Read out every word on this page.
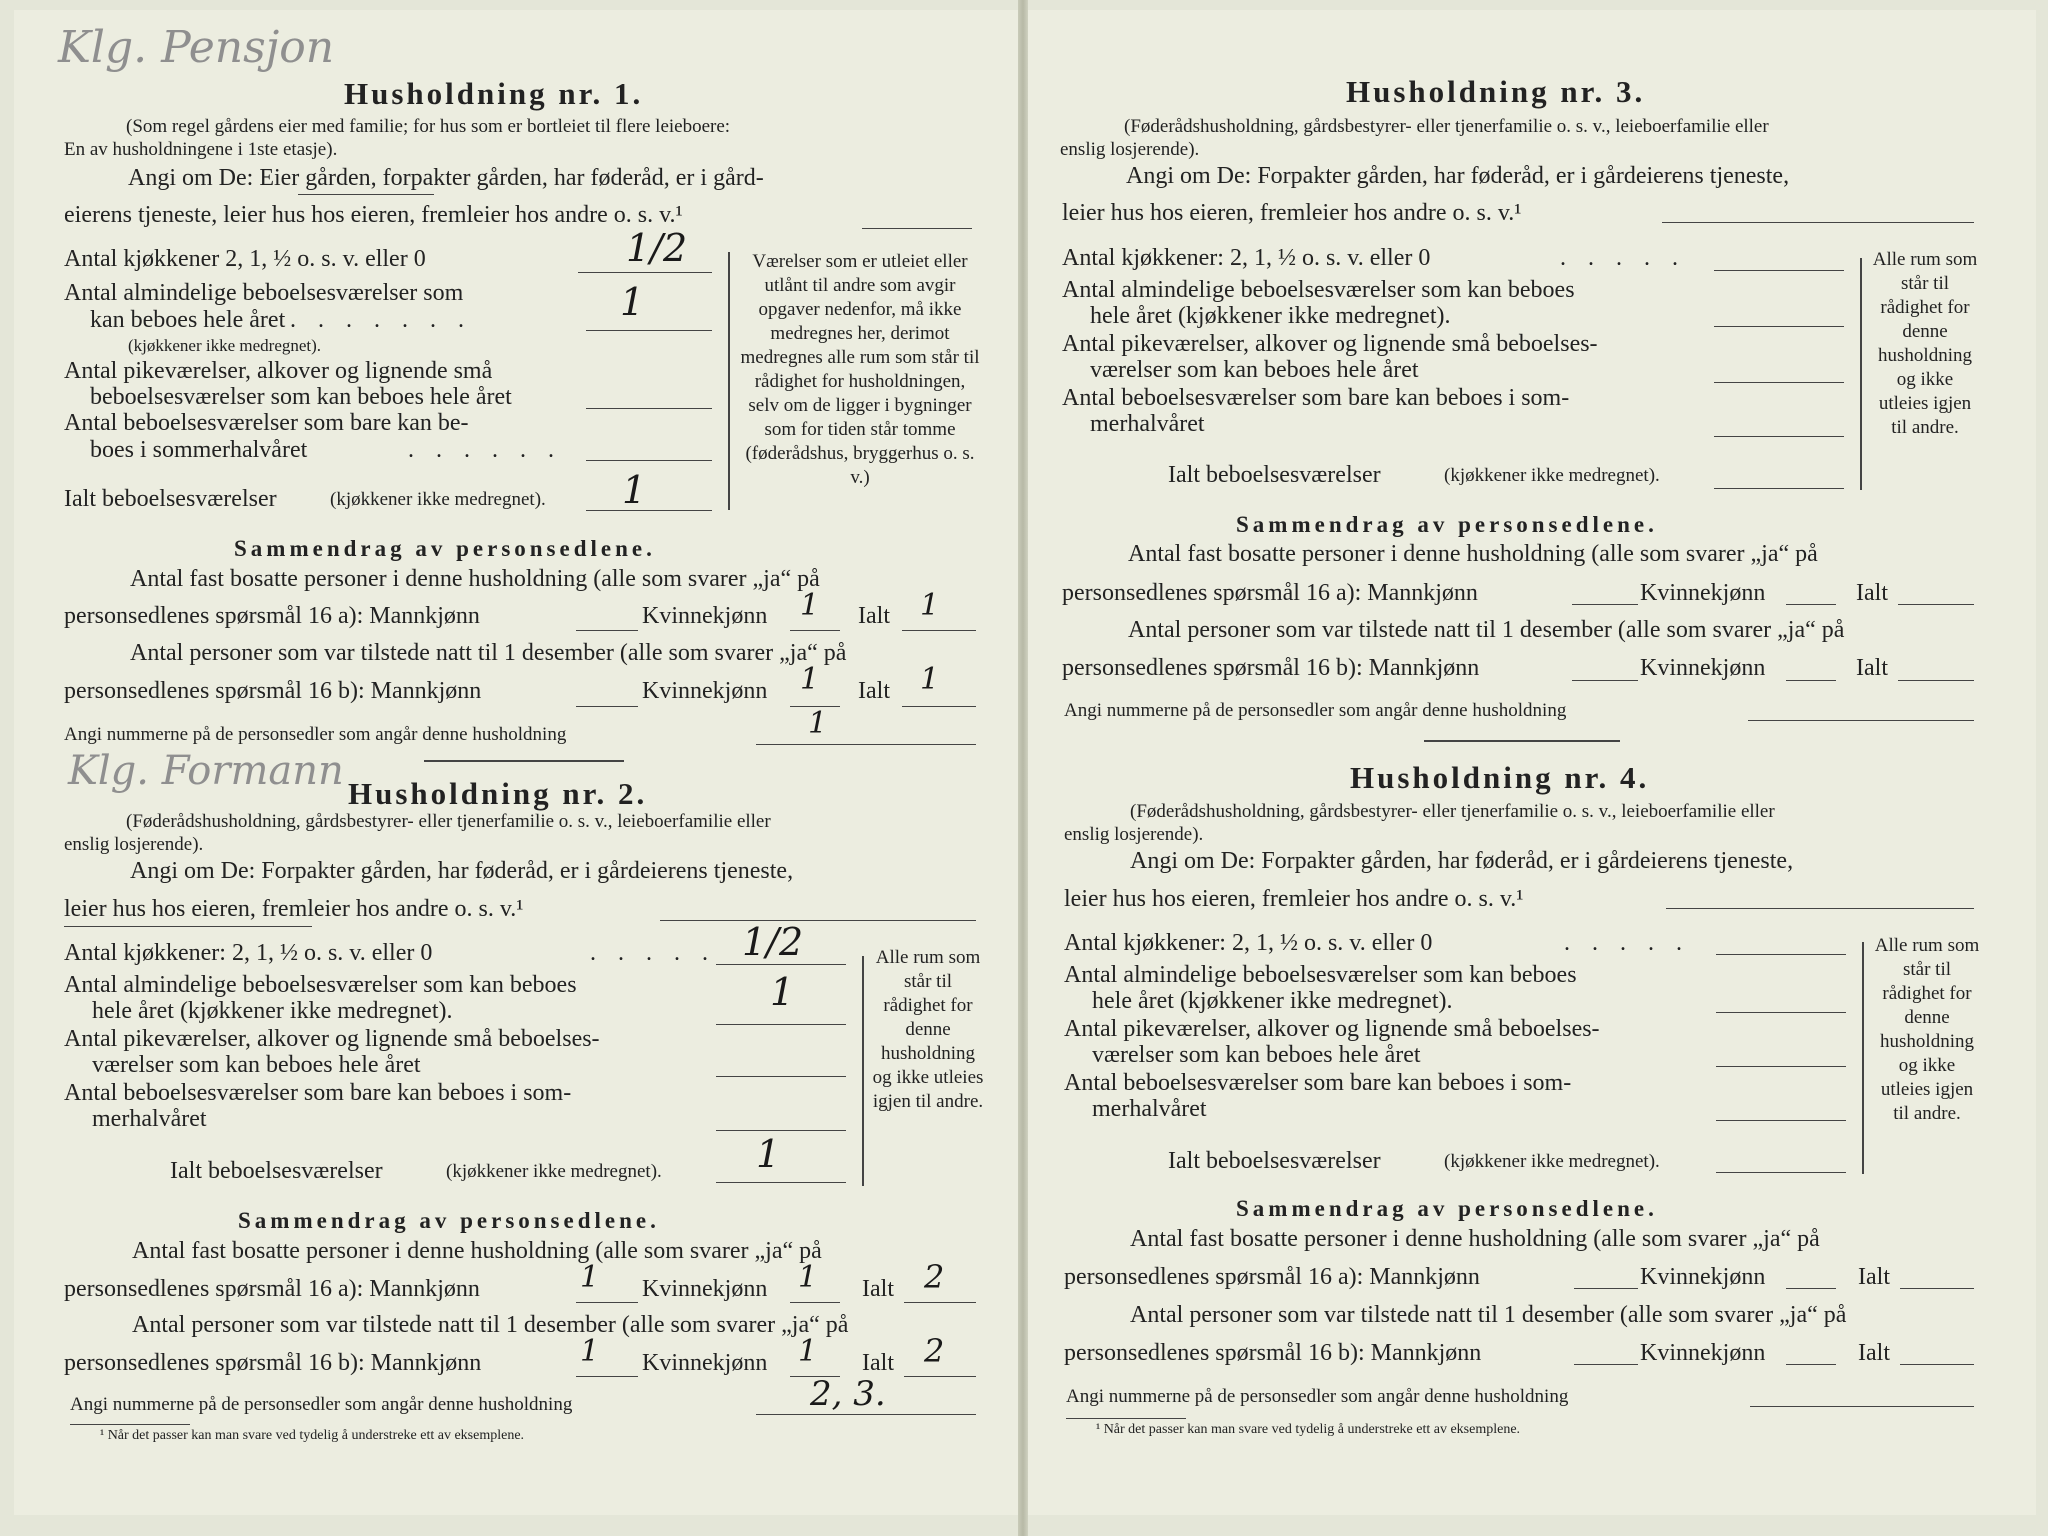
Klg. Pensjon
Husholdning nr. 1.
(Som regel gårdens eier med familie; for hus som er bortleiet til flere leieboere:
En av husholdningene i 1ste etasje).
Angi om De: Eier gården, forpakter gården, har føderåd, er i gård-
eierens tjeneste, leier hus hos eieren, fremleier hos andre o. s. v.¹
Antal kjøkkener 2, 1, ½ o. s. v. eller 0	1/2
Antal almindelige beboelsesværelser som
kan beboes hele året . . . . . . .	1
(kjøkkener ikke medregnet).
Antal pikeværelser, alkover og lignende små
beboelsesværelser som kan beboes hele året
Antal beboelsesværelser som bare kan be-
boes i sommerhalvåret	. . . . . .
Ialt beboelsesværelser	(kjøkkener ikke medregnet). 1
Værelser som er utleiet eller utlånt til andre som avgir opgaver nedenfor, må ikke medregnes her, derimot medregnes alle rum som står til rådighet for husholdningen, selv om de ligger i bygninger som for tiden står tomme (føderådshus, bryggerhus o. s. v.)
Sammendrag av personsedlene.
Antal fast bosatte personer i denne husholdning (alle som svarer „ja“ på
personsedlenes spørsmål 16 a): Mannkjønn	Kvinnekjønn 1 Ialt 1
Antal personer som var tilstede natt til 1 desember (alle som svarer „ja“ på
personsedlenes spørsmål 16 b): Mannkjønn	Kvinnekjønn 1 Ialt 1
Angi nummerne på de personsedler som angår denne husholdning	1
Klg. Formann Husholdning nr. 2.
(Føderådshusholdning, gårdsbestyrer- eller tjenerfamilie o. s. v., leieboerfamilie eller
enslig losjerende).
Angi om De: Forpakter gården, har føderåd, er i gårdeierens tjeneste,
leier hus hos eieren, fremleier hos andre o. s. v.¹
Antal kjøkkener: 2, 1, ½ o. s. v. eller 0	. . . . . 1/2
Antal almindelige beboelsesværelser som kan beboes
hele året (kjøkkener ikke medregnet).	1
Antal pikeværelser, alkover og lignende små beboelses-
værelser som kan beboes hele året
Antal beboelsesværelser som bare kan beboes i som-
merhalvåret
Ialt beboelsesværelser	(kjøkkener ikke medregnet). 1
Alle rum som står til rådighet for denne husholdning og ikke utleies igjen til andre.
Sammendrag av personsedlene.
Antal fast bosatte personer i denne husholdning (alle som svarer „ja“ på
personsedlenes spørsmål 16 a): Mannkjønn	1 Kvinnekjønn 1 Ialt 2
Antal personer som var tilstede natt til 1 desember (alle som svarer „ja“ på
personsedlenes spørsmål 16 b): Mannkjønn	1 Kvinnekjønn 1 Ialt 2
Angi nummerne på de personsedler som angår denne husholdning	2, 3.
¹ Når det passer kan man svare ved tydelig å understreke ett av eksemplene.
Husholdning nr. 3.
(Føderådshusholdning, gårdsbestyrer- eller tjenerfamilie o. s. v., leieboerfamilie eller
enslig losjerende).
Angi om De: Forpakter gården, har føderåd, er i gårdeierens tjeneste,
leier hus hos eieren, fremleier hos andre o. s. v.¹
Antal kjøkkener: 2, 1, ½ o. s. v. eller 0	. . . . .
Antal almindelige beboelsesværelser som kan beboes
hele året (kjøkkener ikke medregnet).
Antal pikeværelser, alkover og lignende små beboelses-
værelser som kan beboes hele året
Antal beboelsesværelser som bare kan beboes i som-
merhalvåret
Ialt beboelsesværelser	(kjøkkener ikke medregnet).
Alle rum som står til rådighet for denne husholdning og ikke utleies igjen til andre.
Sammendrag av personsedlene.
Antal fast bosatte personer i denne husholdning (alle som svarer „ja“ på
personsedlenes spørsmål 16 a): Mannkjønn	Kvinnekjønn	Ialt
Antal personer som var tilstede natt til 1 desember (alle som svarer „ja“ på
personsedlenes spørsmål 16 b): Mannkjønn	Kvinnekjønn	Ialt
Angi nummerne på de personsedler som angår denne husholdning
Husholdning nr. 4.
(Føderådshusholdning, gårdsbestyrer- eller tjenerfamilie o. s. v., leieboerfamilie eller
enslig losjerende).
Angi om De: Forpakter gården, har føderåd, er i gårdeierens tjeneste,
leier hus hos eieren, fremleier hos andre o. s. v.¹
Antal kjøkkener: 2, 1, ½ o. s. v. eller 0	. . . . .
Antal almindelige beboelsesværelser som kan beboes
hele året (kjøkkener ikke medregnet).
Antal pikeværelser, alkover og lignende små beboelses-
værelser som kan beboes hele året
Antal beboelsesværelser som bare kan beboes i som-
merhalvåret
Ialt beboelsesværelser	(kjøkkener ikke medregnet).
Alle rum som står til rådighet for denne husholdning og ikke utleies igjen til andre.
Sammendrag av personsedlene.
Antal fast bosatte personer i denne husholdning (alle som svarer „ja“ på
personsedlenes spørsmål 16 a): Mannkjønn	Kvinnekjønn	Ialt
Antal personer som var tilstede natt til 1 desember (alle som svarer „ja“ på
personsedlenes spørsmål 16 b): Mannkjønn	Kvinnekjønn	Ialt
Angi nummerne på de personsedler som angår denne husholdning
¹ Når det passer kan man svare ved tydelig å understreke ett av eksemplene.
